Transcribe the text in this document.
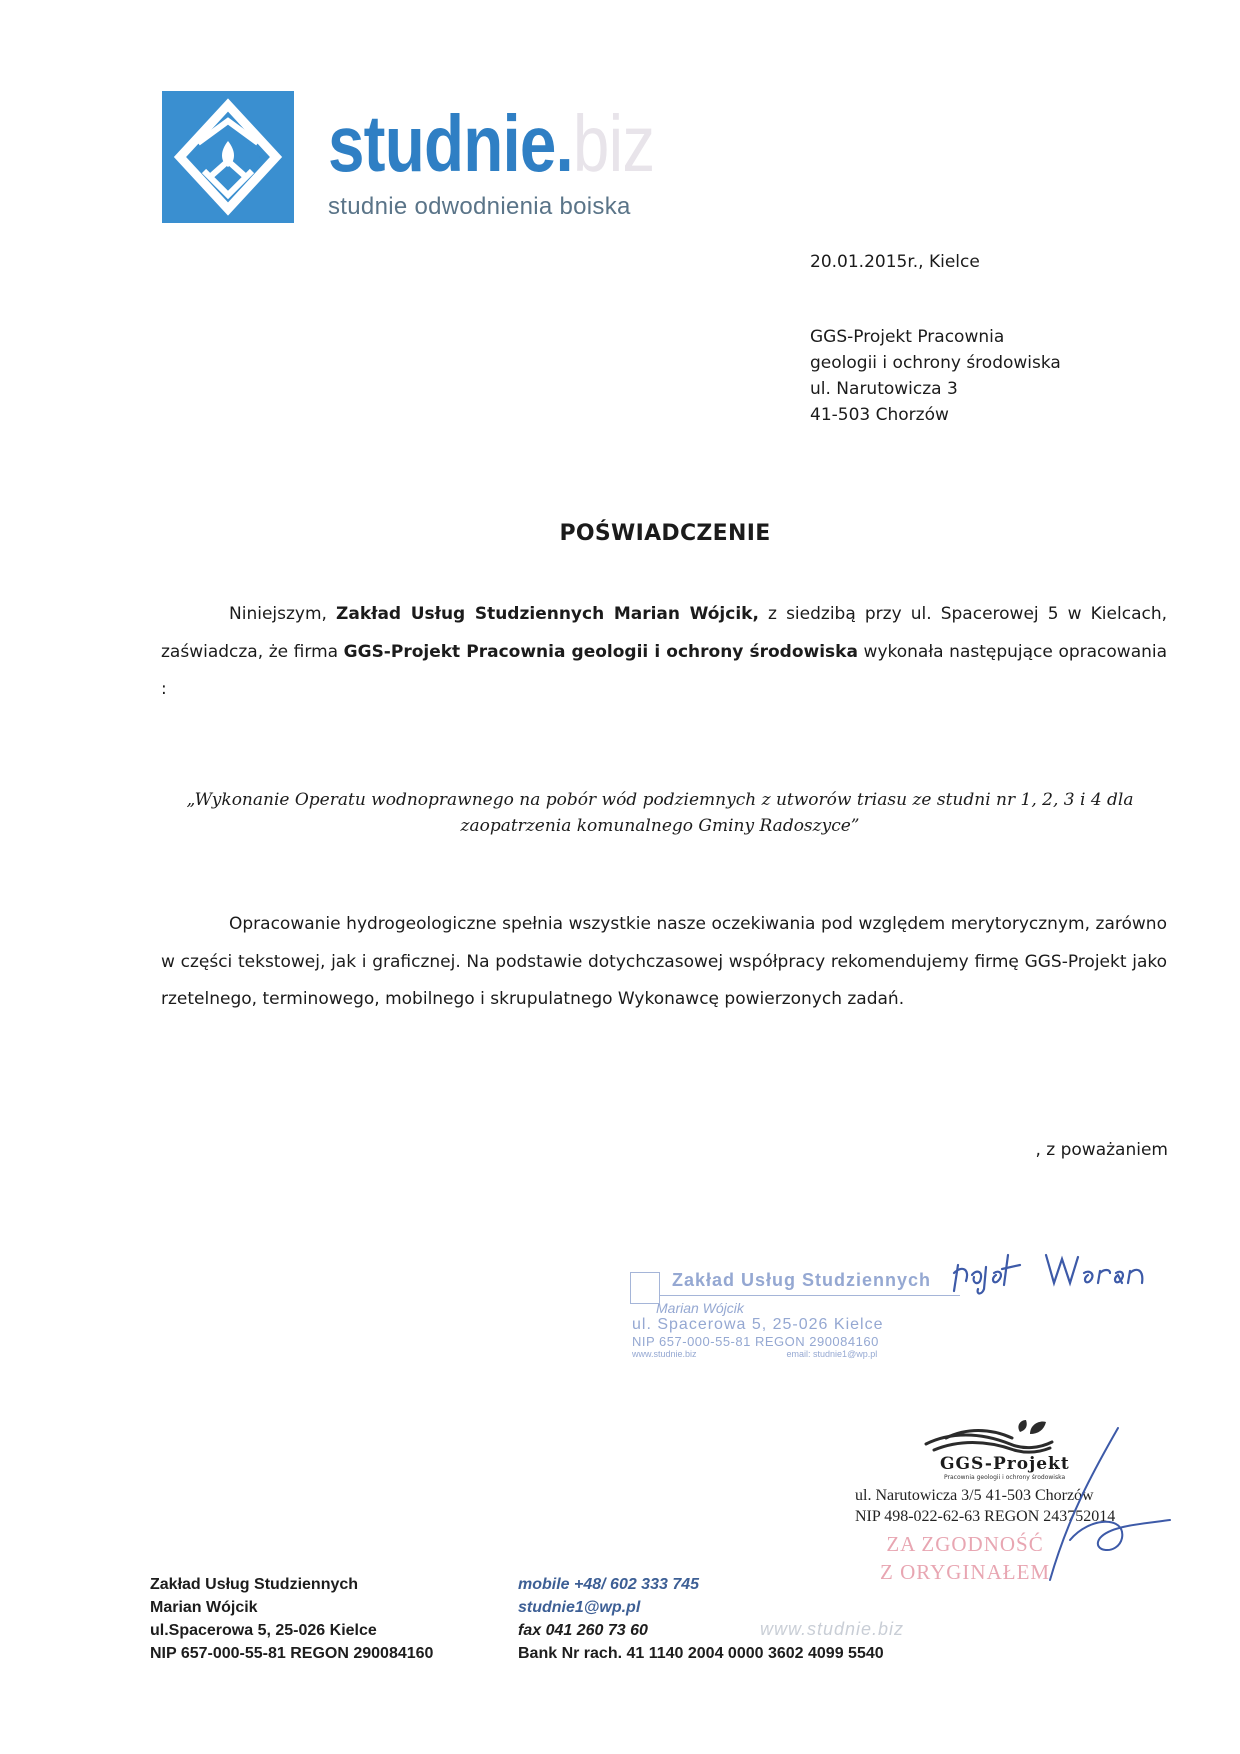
studnie.biz
studnie odwodnienia boiska
20.01.2015r., Kielce
GGS-Projekt Pracownia
geologii i ochrony środowiska
ul. Narutowicza 3
41-503 Chorzów
POŚWIADCZENIE
Niniejszym, Zakład Usług Studziennych Marian Wójcik, z siedzibą przy ul. Spacerowej 5 w Kielcach, zaświadcza, że firma GGS-Projekt Pracownia geologii i ochrony środowiska wykonała następujące opracowania :
„Wykonanie Operatu wodnoprawnego na pobór wód podziemnych z utworów triasu ze studni nr 1, 2, 3 i 4 dla zaopatrzenia komunalnego Gminy Radoszyce”
Opracowanie hydrogeologiczne spełnia wszystkie nasze oczekiwania pod względem merytorycznym, zarówno w części tekstowej, jak i graficznej. Na podstawie dotychczasowej współpracy rekomendujemy firmę GGS-Projekt jako rzetelnego, terminowego, mobilnego i skrupulatnego Wykonawcę powierzonych zadań.
, z poważaniem
Zakład Usług Studziennych
Marian Wójcik
ul. Spacerowa 5, 25-026 Kielce
NIP 657-000-55-81 REGON 290084160
www.studnie.biz	email: studnie1@wp.pl
GGS-Projekt
Pracownia geologii i ochrony środowiska
ul. Narutowicza 3/5 41-503 Chorzów
NIP 498-022-62-63 REGON 243752014
ZA ZGODNOŚĆ
Z ORYGINAŁEM
Zakład Usług Studziennych
Marian Wójcik
ul.Spacerowa 5, 25-026 Kielce
NIP 657-000-55-81 REGON 290084160
mobile +48/ 602 333 745
studnie1@wp.pl
fax 041 260 73 60
Bank Nr rach. 41 1140 2004 0000 3602 4099 5540
www.studnie.biz
